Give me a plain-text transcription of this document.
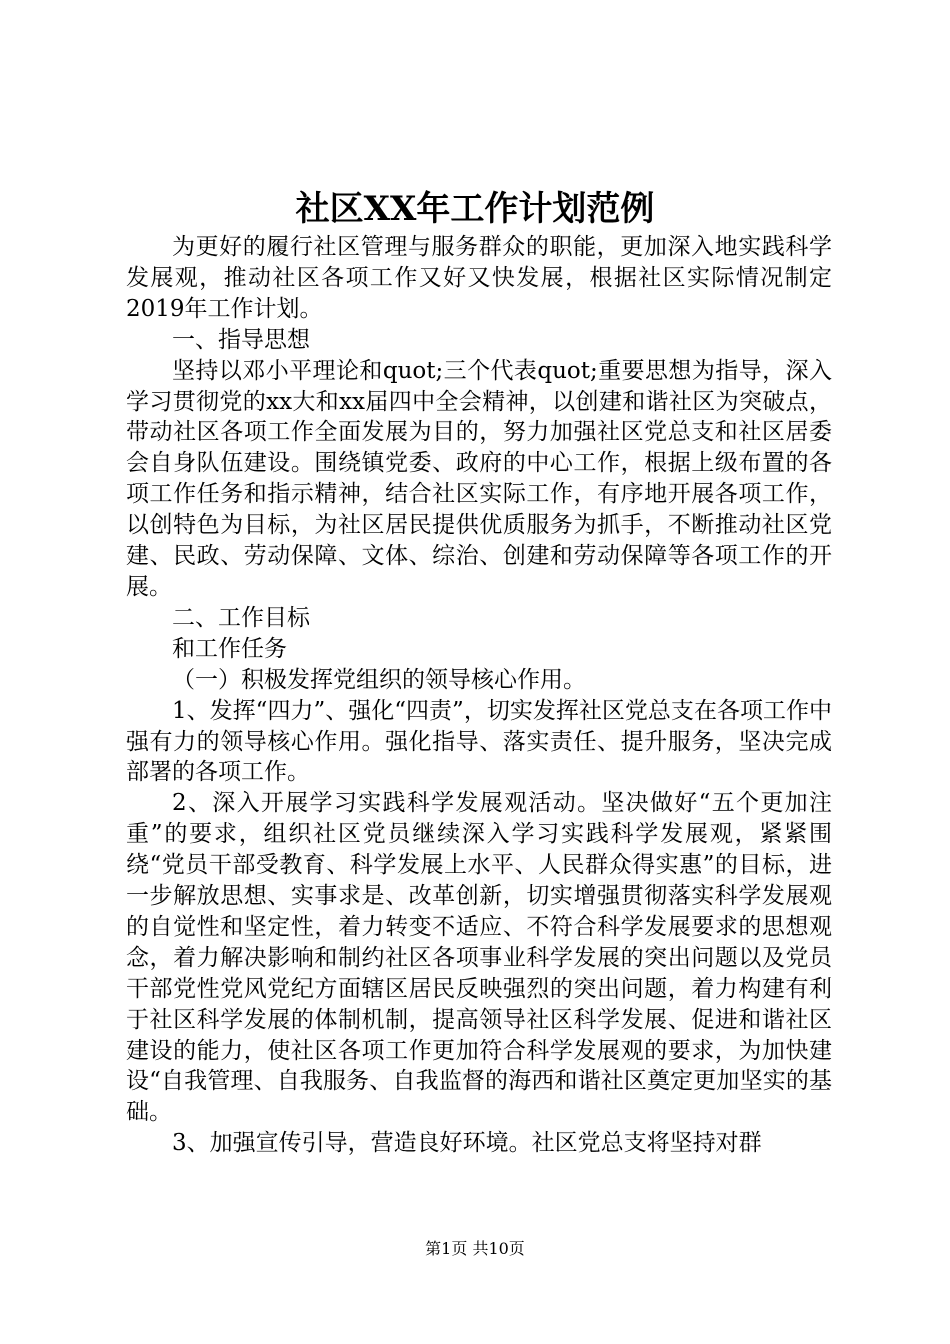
社区XX年工作计划范例

为更好的履行社区管理与服务群众的职能，更加深入地实践科学发展观，推动社区各项工作又好又快发展，根据社区实际情况制定2019年工作计划。

一、指导思想

坚持以邓小平理论和quot;三个代表quot;重要思想为指导，深入学习贯彻党的xx大和xx届四中全会精神，以创建和谐社区为突破点，带动社区各项工作全面发展为目的，努力加强社区党总支和社区居委会自身队伍建设。围绕镇党委、政府的中心工作，根据上级布置的各项工作任务和指示精神，结合社区实际工作，有序地开展各项工作，以创特色为目标，为社区居民提供优质服务为抓手，不断推动社区党建、民政、劳动保障、文体、综治、创建和劳动保障等各项工作的开展。

二、工作目标

和工作任务

（一）积极发挥党组织的领导核心作用。

1、发挥“四力”、强化“四责”，切实发挥社区党总支在各项工作中强有力的领导核心作用。强化指导、落实责任、提升服务，坚决完成部署的各项工作。

2、深入开展学习实践科学发展观活动。坚决做好“五个更加注重”的要求，组织社区党员继续深入学习实践科学发展观，紧紧围绕“党员干部受教育、科学发展上水平、人民群众得实惠”的目标，进一步解放思想、实事求是、改革创新，切实增强贯彻落实科学发展观的自觉性和坚定性，着力转变不适应、不符合科学发展要求的思想观念，着力解决影响和制约社区各项事业科学发展的突出问题以及党员干部党性党风党纪方面辖区居民反映强烈的突出问题，着力构建有利于社区科学发展的体制机制，提高领导社区科学发展、促进和谐社区建设的能力，使社区各项工作更加符合科学发展观的要求，为加快建设“自我管理、自我服务、自我监督的海西和谐社区奠定更加坚实的基础。

3、加强宣传引导，营造良好环境。社区党总支将坚持对群

第1页 共10页
